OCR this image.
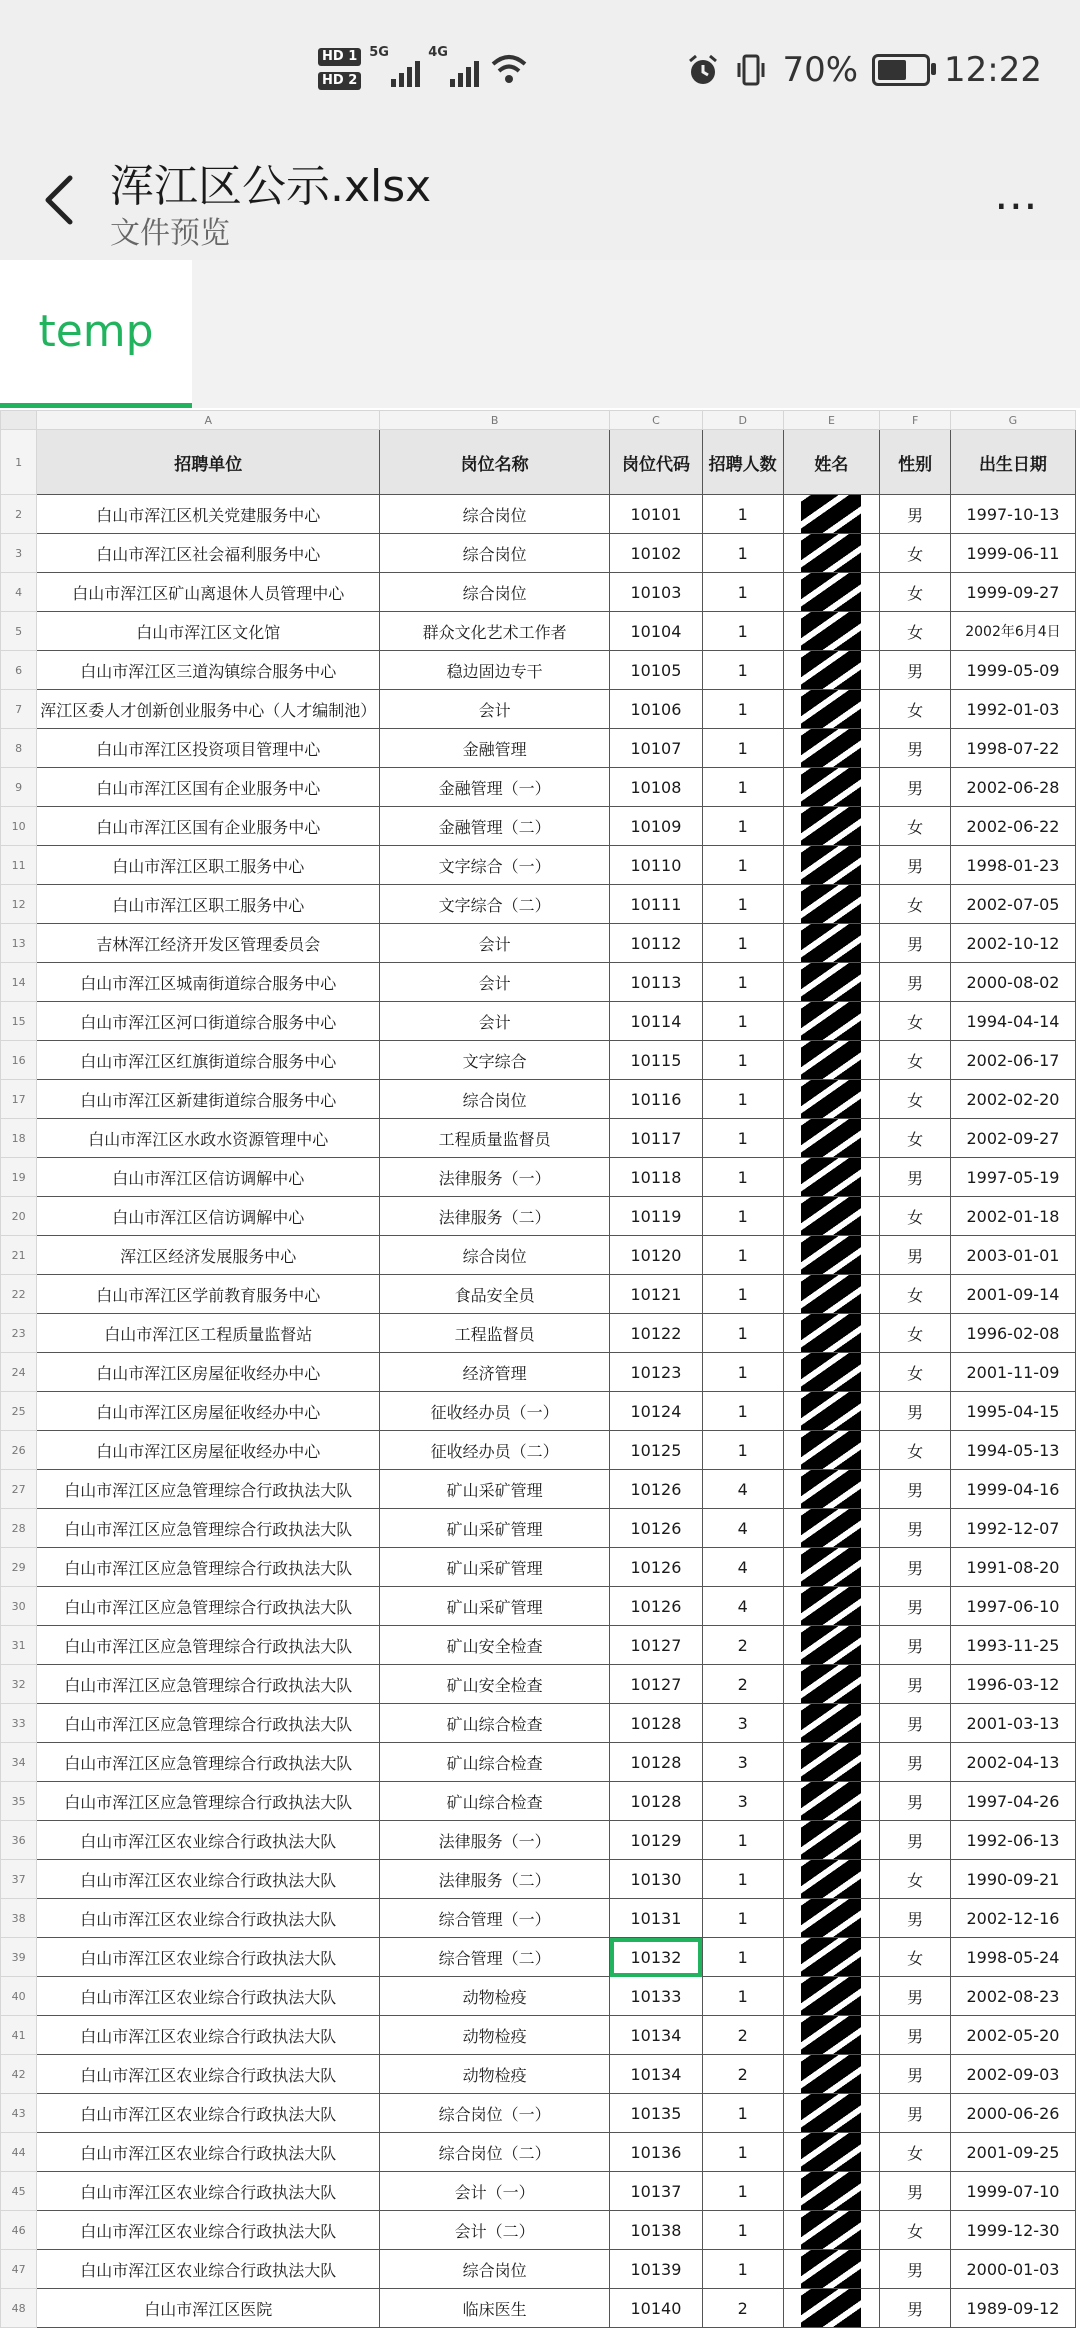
HD 1
HD 2
5G	4G	70%	12:22
浑江区公示.xlsx
文件预览
⋯
temp
	A	B	C	D	E	F	G
1	招聘单位	岗位名称	岗位代码	招聘人数	姓名	性别	出生日期
2	白山市浑江区机关党建服务中心	综合岗位	10101	1		男	1997-10-13
3	白山市浑江区社会福利服务中心	综合岗位	10102	1		女	1999-06-11
4	白山市浑江区矿山离退休人员管理中心	综合岗位	10103	1		女	1999-09-27
5	白山市浑江区文化馆	群众文化艺术工作者	10104	1		女	2002年6月4日
6	白山市浑江区三道沟镇综合服务中心	稳边固边专干	10105	1		男	1999-05-09
7	浑江区委人才创新创业服务中心（人才编制池）	会计	10106	1		女	1992-01-03
8	白山市浑江区投资项目管理中心	金融管理	10107	1		男	1998-07-22
9	白山市浑江区国有企业服务中心	金融管理（一）	10108	1		男	2002-06-28
10	白山市浑江区国有企业服务中心	金融管理（二）	10109	1		女	2002-06-22
11	白山市浑江区职工服务中心	文字综合（一）	10110	1		男	1998-01-23
12	白山市浑江区职工服务中心	文字综合（二）	10111	1		女	2002-07-05
13	吉林浑江经济开发区管理委员会	会计	10112	1		男	2002-10-12
14	白山市浑江区城南街道综合服务中心	会计	10113	1		男	2000-08-02
15	白山市浑江区河口街道综合服务中心	会计	10114	1		女	1994-04-14
16	白山市浑江区红旗街道综合服务中心	文字综合	10115	1		女	2002-06-17
17	白山市浑江区新建街道综合服务中心	综合岗位	10116	1		女	2002-02-20
18	白山市浑江区水政水资源管理中心	工程质量监督员	10117	1		女	2002-09-27
19	白山市浑江区信访调解中心	法律服务（一）	10118	1		男	1997-05-19
20	白山市浑江区信访调解中心	法律服务（二）	10119	1		女	2002-01-18
21	浑江区经济发展服务中心	综合岗位	10120	1		男	2003-01-01
22	白山市浑江区学前教育服务中心	食品安全员	10121	1		女	2001-09-14
23	白山市浑江区工程质量监督站	工程监督员	10122	1		女	1996-02-08
24	白山市浑江区房屋征收经办中心	经济管理	10123	1		女	2001-11-09
25	白山市浑江区房屋征收经办中心	征收经办员（一）	10124	1		男	1995-04-15
26	白山市浑江区房屋征收经办中心	征收经办员（二）	10125	1		女	1994-05-13
27	白山市浑江区应急管理综合行政执法大队	矿山采矿管理	10126	4		男	1999-04-16
28	白山市浑江区应急管理综合行政执法大队	矿山采矿管理	10126	4		男	1992-12-07
29	白山市浑江区应急管理综合行政执法大队	矿山采矿管理	10126	4		男	1991-08-20
30	白山市浑江区应急管理综合行政执法大队	矿山采矿管理	10126	4		男	1997-06-10
31	白山市浑江区应急管理综合行政执法大队	矿山安全检查	10127	2		男	1993-11-25
32	白山市浑江区应急管理综合行政执法大队	矿山安全检查	10127	2		男	1996-03-12
33	白山市浑江区应急管理综合行政执法大队	矿山综合检查	10128	3		男	2001-03-13
34	白山市浑江区应急管理综合行政执法大队	矿山综合检查	10128	3		男	2002-04-13
35	白山市浑江区应急管理综合行政执法大队	矿山综合检查	10128	3		男	1997-04-26
36	白山市浑江区农业综合行政执法大队	法律服务（一）	10129	1		男	1992-06-13
37	白山市浑江区农业综合行政执法大队	法律服务（二）	10130	1		女	1990-09-21
38	白山市浑江区农业综合行政执法大队	综合管理（一）	10131	1		男	2002-12-16
39	白山市浑江区农业综合行政执法大队	综合管理（二）	10132	1		女	1998-05-24
40	白山市浑江区农业综合行政执法大队	动物检疫	10133	1		男	2002-08-23
41	白山市浑江区农业综合行政执法大队	动物检疫	10134	2		男	2002-05-20
42	白山市浑江区农业综合行政执法大队	动物检疫	10134	2		男	2002-09-03
43	白山市浑江区农业综合行政执法大队	综合岗位（一）	10135	1		男	2000-06-26
44	白山市浑江区农业综合行政执法大队	综合岗位（二）	10136	1		女	2001-09-25
45	白山市浑江区农业综合行政执法大队	会计（一）	10137	1		男	1999-07-10
46	白山市浑江区农业综合行政执法大队	会计（二）	10138	1		女	1999-12-30
47	白山市浑江区农业综合行政执法大队	综合岗位	10139	1		男	2000-01-03
48	白山市浑江区医院	临床医生	10140	2		男	1989-09-12
